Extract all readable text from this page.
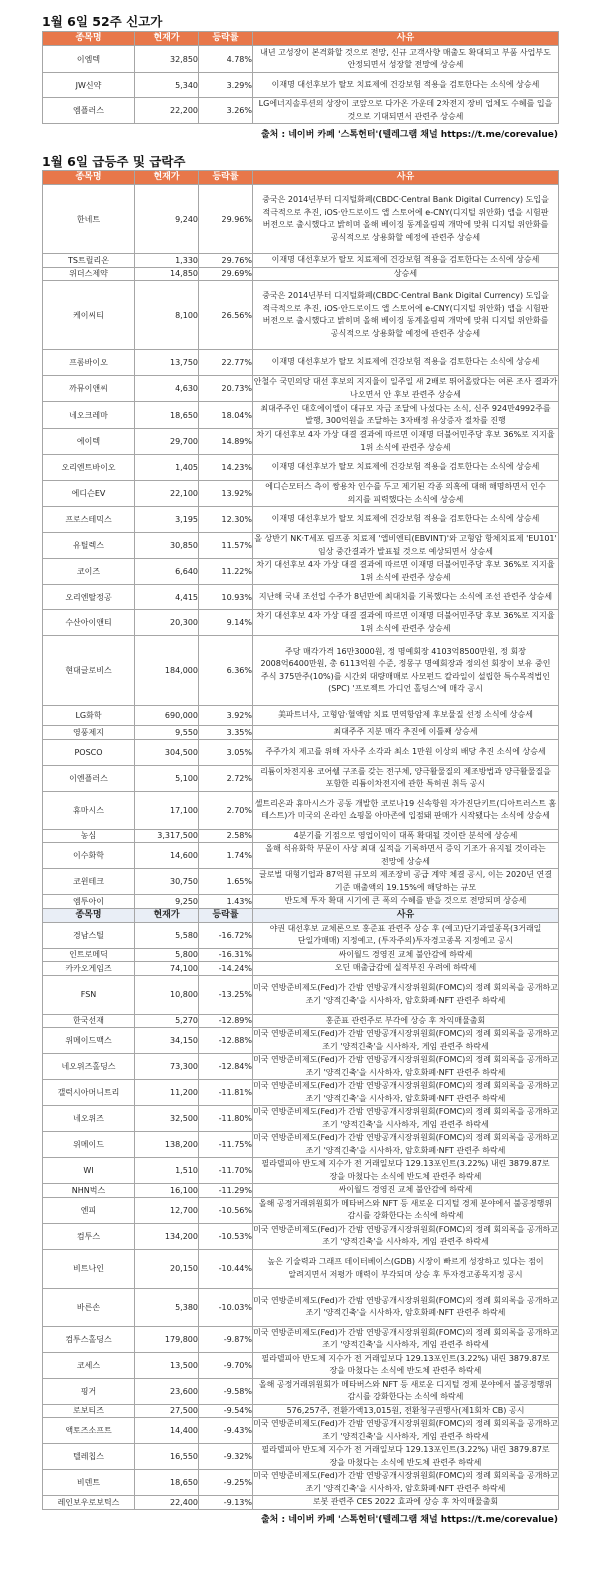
1월 6일 52주 신고가
종목명	현재가	등락률	사유
이엠텍	32,850	4.78%	내년 고성장이 본격화할 것으로 전망, 신규 고객사향 매출도 확대되고 부품 사업부도 안정되면서 성장할 전망에 상승세
JW신약	5,340	3.29%	이재명 대선후보가 탈모 치료제에 건강보험 적용을 검토한다는 소식에 상승세
엠플러스	22,200	3.26%	LG에너지솔루션의 상장이 코앞으로 다가온 가운데 2차전지 장비 업체도 수혜를 입을 것으로 기대되면서 관련주 상승세
출처 : 네이버 카페 '스톡헌터'(텔레그램 채널 https://t.me/corevalue)
1월 6일 급등주 및 급락주
종목명	현재가	등락률	사유
한네트	9,240	29.96%	중국은 2014년부터 디지털화폐(CBDC·Central Bank Digital Currency) 도입을 적극적으로 추진, iOS·안드로이드 앱 스토어에 e-CNY(디지털 위안화) 앱을 시험판 버전으로 출시했다고 밝히며 올해 베이징 동계올림픽 개막에 맞춰 디지털 위안화를 공식적으로 상용화할 예정에 관련주 상승세
TS트릴리온	1,330	29.76%	이재명 대선후보가 탈모 치료제에 건강보험 적용을 검토한다는 소식에 상승세
위더스제약	14,850	29.69%	상승세
케이씨티	8,100	26.56%	중국은 2014년부터 디지털화폐(CBDC·Central Bank Digital Currency) 도입을 적극적으로 추진, iOS·안드로이드 앱 스토어에 e-CNY(디지털 위안화) 앱을 시험판 버전으로 출시했다고 밝히며 올해 베이징 동계올림픽 개막에 맞춰 디지털 위안화를 공식적으로 상용화할 예정에 관련주 상승세
프롬바이오	13,750	22.77%	이재명 대선후보가 탈모 치료제에 건강보험 적용을 검토한다는 소식에 상승세
까뮤이앤씨	4,630	20.73%	안철수 국민의당 대선 후보의 지지율이 일주일 새 2배로 뛰어올랐다는 여론 조사 결과가 나오면서 안 후보 관련주 상승세
네오크레마	18,650	18.04%	최대주주인 대호에이엘이 대규모 자금 조달에 나섰다는 소식, 신주 924만4992주를 발행, 300억원을 조달하는 3자배정 유상증자 절차를 진행
에이텍	29,700	14.89%	차기 대선후보 4자 가상 대결 결과에 따르면 이재명 더불어민주당 후보 36%로 지지율 1위 소식에 관련주 상승세
오리엔트바이오	1,405	14.23%	이재명 대선후보가 탈모 치료제에 건강보험 적용을 검토한다는 소식에 상승세
에디슨EV	22,100	13.92%	에디슨모터스 측이 쌍용차 인수를 두고 제기된 각종 의혹에 대해 해명하면서 인수 의지를 피력했다는 소식에 상승세
프로스테믹스	3,195	12.30%	이재명 대선후보가 탈모 치료제에 건강보험 적용을 검토한다는 소식에 상승세
유틸렉스	30,850	11.57%	올 상반기 NK·T세포 림프종 치료제 '앱비엔티(EBVINT)'와 고형암 항체치료제 'EU101' 임상 중간결과가 발표될 것으로 예상되면서 상승세
코이즈	6,640	11.22%	차기 대선후보 4자 가상 대결 결과에 따르면 이재명 더불어민주당 후보 36%로 지지율 1위 소식에 관련주 상승세
오리엔탈정공	4,415	10.93%	지난해 국내 조선업 수주가 8년만에 최대치를 기록했다는 소식에 조선 관련주 상승세
수산아이앤티	20,300	9.14%	차기 대선후보 4자 가상 대결 결과에 따르면 이재명 더불어민주당 후보 36%로 지지율 1위 소식에 관련주 상승세
현대글로비스	184,000	6.36%	주당 매각가격 16만3000원, 정 명예회장 4103억8500만원, 정 회장 2008억6400만원, 총 6113억원 수준, 정몽구 명예회장과 정의선 회장이 보유 중인 주식 375만주(10%)를 시간외 대량매매로 사모펀드 칼라일이 설립한 특수목적법인(SPC) '프로젝트 가디언 홀딩스'에 매각 공시
LG화학	690,000	3.92%	美파트너사, 고형암·혈액암 치료 면역항암제 후보물질 선정 소식에 상승세
영풍제지	9,550	3.35%	최대주주 지분 매각 추진에 이틀째 상승세
POSCO	304,500	3.05%	주주가치 제고를 위해 자사주 소각과 최소 1만원 이상의 배당 추진 소식에 상승세
이엔플러스	5,100	2.72%	리튬이차전지용 코어쉘 구조를 갖는 전구체, 양극활물질의 제조방법과 양극활물질을 포함한 리튬이차전지에 관한 특허권 취득 공시
휴마시스	17,100	2.70%	셀트리온과 휴마시스가 공동 개발한 코로나19 신속항원 자가진단키트(디아트러스트 홈 테스트)가 미국의 온라인 쇼핑몰 아마존에 입점돼 판매가 시작됐다는 소식에 상승세
농심	3,317,500	2.58%	4분기를 기점으로 영업이익이 대폭 확대될 것이란 분석에 상승세
이수화학	14,600	1.74%	올해 석유화학 부문이 사상 최대 실적을 기록하면서 증익 기조가 유지될 것이라는 전망에 상승세
코윈테크	30,750	1.65%	글로벌 대형기업과 87억원 규모의 제조장비 공급 계약 체결 공시, 이는 2020년 연결 기준 매출액의 19.15%에 해당하는 규모
엠투아이	9,250	1.43%	반도체 투자 확대 시기에 큰 폭의 수혜를 받을 것으로 전망되며 상승세
종목명	현재가	등락률	사유
경남스틸	5,580	-16.72%	야권 대선후보 교체론으로 홍준표 관련주 상승 후 (예고)단기과열종목(3거래일 단일가매매) 지정예고, (투자주의)투자경고종목 지정예고 공시
인트로메딕	5,800	-16.31%	싸이월드 경영진 교체 불안감에 하락세
카카오게임즈	74,100	-14.24%	오딘 매출급감에 실적부진 우려에 하락세
FSN	10,800	-13.25%	미국 연방준비제도(Fed)가 간밤 연방공개시장위원회(FOMC)의 정례 회의록을 공개하고 조기 '양적긴축'을 시사하자, 암호화폐·NFT 관련주 하락세
한국선재	5,270	-12.89%	홍준표 관련주로 부각에 상승 후 차익매물출회
위메이드맥스	34,150	-12.88%	미국 연방준비제도(Fed)가 간밤 연방공개시장위원회(FOMC)의 정례 회의록을 공개하고 조기 '양적긴축'을 시사하자, 게임 관련주 하락세
네오위즈홀딩스	73,300	-12.84%	미국 연방준비제도(Fed)가 간밤 연방공개시장위원회(FOMC)의 정례 회의록을 공개하고 조기 '양적긴축'을 시사하자, 암호화폐·NFT 관련주 하락세
갤럭시아머니트리	11,200	-11.81%	미국 연방준비제도(Fed)가 간밤 연방공개시장위원회(FOMC)의 정례 회의록을 공개하고 조기 '양적긴축'을 시사하자, 암호화폐·NFT 관련주 하락세
네오위즈	32,500	-11.80%	미국 연방준비제도(Fed)가 간밤 연방공개시장위원회(FOMC)의 정례 회의록을 공개하고 조기 '양적긴축'을 시사하자, 게임 관련주 하락세
위메이드	138,200	-11.75%	미국 연방준비제도(Fed)가 간밤 연방공개시장위원회(FOMC)의 정례 회의록을 공개하고 조기 '양적긴축'을 시사하자, 암호화폐·NFT 관련주 하락세
WI	1,510	-11.70%	필라델피아 반도체 지수가 전 거래일보다 129.13포인트(3.22%) 내린 3879.87로 장을 마쳤다는 소식에 반도체 관련주 하락세
NHN벅스	16,100	-11.29%	싸이월드 경영진 교체 불안감에 하락세
엔피	12,700	-10.56%	올해 공정거래위원회가 메타버스와 NFT 등 새로운 디지털 경제 분야에서 불공정행위 감시를 강화한다는 소식에 하락세
컴투스	134,200	-10.53%	미국 연방준비제도(Fed)가 간밤 연방공개시장위원회(FOMC)의 정례 회의록을 공개하고 조기 '양적긴축'을 시사하자, 게임 관련주 하락세
비트나인	20,150	-10.44%	높은 기술력과 그래프 데이터베이스(GDB) 시장이 빠르게 성장하고 있다는 점이 알려지면서 저평가 매력이 부각되며 상승 후 투자경고종목지정 공시
바른손	5,380	-10.03%	미국 연방준비제도(Fed)가 간밤 연방공개시장위원회(FOMC)의 정례 회의록을 공개하고 조기 '양적긴축'을 시사하자, 암호화폐·NFT 관련주 하락세
컴투스홀딩스	179,800	-9.87%	미국 연방준비제도(Fed)가 간밤 연방공개시장위원회(FOMC)의 정례 회의록을 공개하고 조기 '양적긴축'을 시사하자, 게임 관련주 하락세
코세스	13,500	-9.70%	필라델피아 반도체 지수가 전 거래일보다 129.13포인트(3.22%) 내린 3879.87로 장을 마쳤다는 소식에 반도체 관련주 하락세
핑거	23,600	-9.58%	올해 공정거래위원회가 메타버스와 NFT 등 새로운 디지털 경제 분야에서 불공정행위 감시를 강화한다는 소식에 하락세
로보티즈	27,500	-9.54%	576,257주, 전환가액13,015원, 전환청구권행사(제1회차 CB) 공시
액토즈소프트	14,400	-9.43%	미국 연방준비제도(Fed)가 간밤 연방공개시장위원회(FOMC)의 정례 회의록을 공개하고 조기 '양적긴축'을 시사하자, 게임 관련주 하락세
텔레칩스	16,550	-9.32%	필라델피아 반도체 지수가 전 거래일보다 129.13포인트(3.22%) 내린 3879.87로 장을 마쳤다는 소식에 반도체 관련주 하락세
비덴트	18,650	-9.25%	미국 연방준비제도(Fed)가 간밤 연방공개시장위원회(FOMC)의 정례 회의록을 공개하고 조기 '양적긴축'을 시사하자, 암호화폐·NFT 관련주 하락세
레인보우로보틱스	22,400	-9.13%	로봇 관련주 CES 2022 효과에 상승 후 차익매물출회
출처 : 네이버 카페 '스톡헌터'(텔레그램 채널 https://t.me/corevalue)
